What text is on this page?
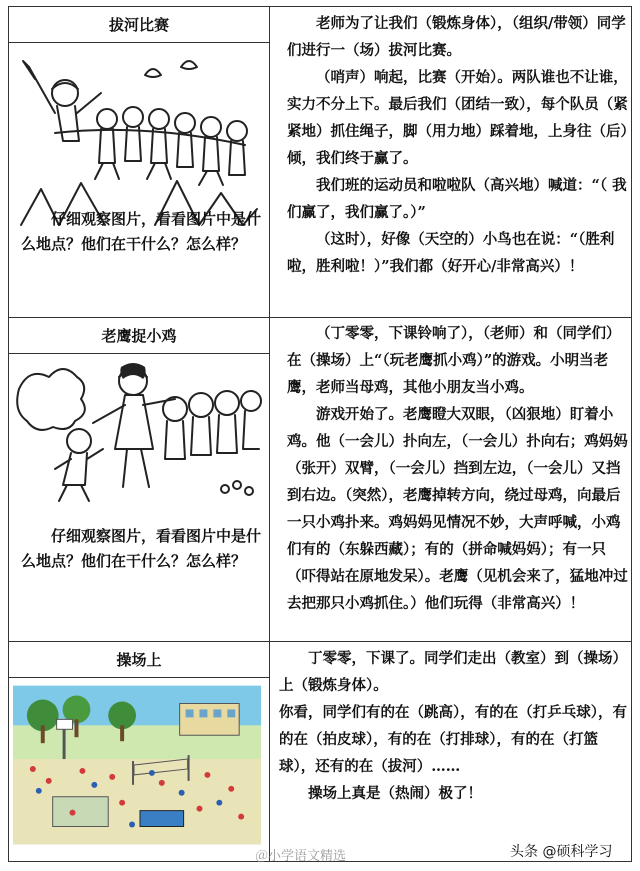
拔河比赛
仔细观察图片，看看图片中是什么地点？他们在干什么？怎么样？

老师为了让我们（锻炼身体），（组织/带领）同学们进行一（场）拔河比赛。

（哨声）响起，比赛（开始）。两队谁也不让谁，实力不分上下。最后我们（团结一致），每个队员（紧紧地）抓住绳子，脚（用力地）踩着地，上身往（后）倾，我们终于赢了。

我们班的运动员和啦啦队（高兴地）喊道：“（ 我们赢了，我们赢了。）”

（这时），好像（天空的）小鸟也在说：“（胜利啦，胜利啦！）”我们都（好开心/非常高兴）！

老鹰捉小鸡
仔细观察图片，看看图片中是什么地点？他们在干什么？怎么样？

（丁零零，下课铃响了），（老师）和（同学们）在（操场）上“（玩老鹰抓小鸡）”的游戏。小明当老鹰，老师当母鸡，其他小朋友当小鸡。

游戏开始了。老鹰瞪大双眼，（凶狠地）盯着小鸡。他（一会儿）扑向左，（一会儿）扑向右；鸡妈妈（张开）双臂，（一会儿）挡到左边，（一会儿）又挡到右边。（突然），老鹰掉转方向，绕过母鸡，向最后一只小鸡扑来。鸡妈妈见情况不妙，大声呼喊，小鸡们有的（东躲西藏）；有的（拼命喊妈妈）；有一只（吓得站在原地发呆）。老鹰（见机会来了，猛地冲过去把那只小鸡抓住。）他们玩得（非常高兴）！

操场上	丁零零，下课了。同学们走出（教室）到（操场）上（锻炼身体）。

你看，同学们有的在（跳高），有的在（打乒乓球），有的在（拍皮球），有的在（打排球），有的在（打篮球），还有的在（拔河）……

操场上真是（热闹）极了！

＠小学语文精选	头条 @硕科学习
